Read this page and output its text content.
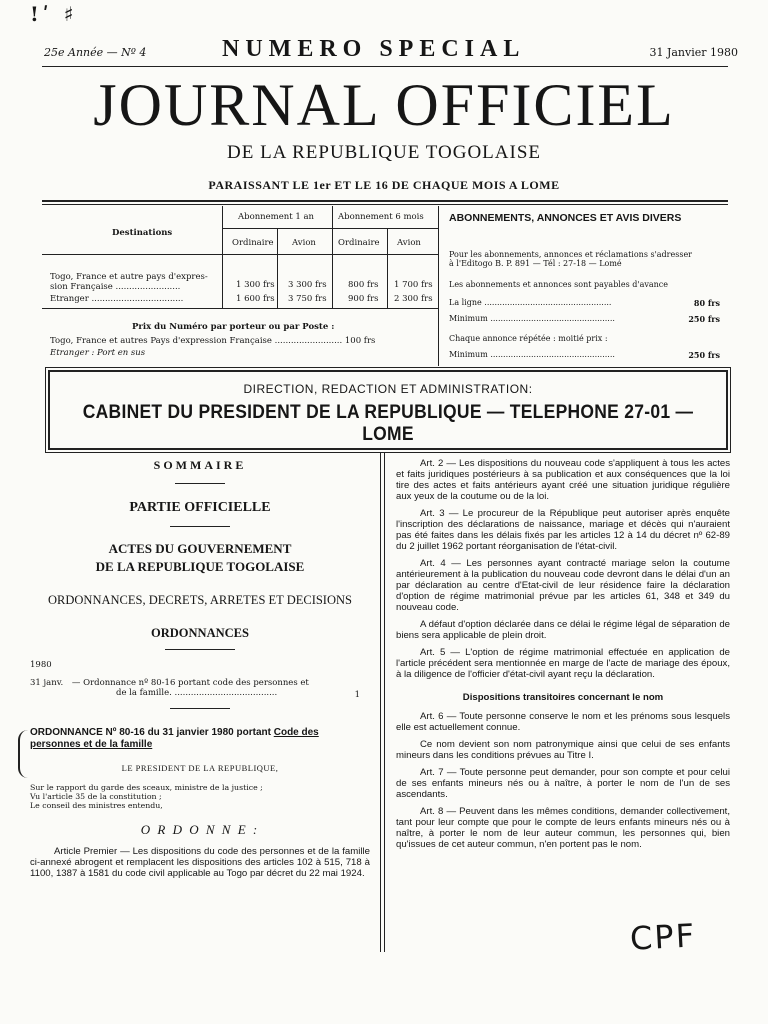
!ʹ ♯
25e Année — Nº 4	NUMERO SPECIAL	31 Janvier 1980
JOURNAL OFFICIEL
DE LA REPUBLIQUE TOGOLAISE
PARAISSANT LE 1er ET LE 16 DE CHAQUE MOIS A LOME
Destinations
Abonnement 1 an	Abonnement 6 mois
Ordinaire Avion	Ordinaire Avion
Togo, France et autre pays d'expres-
sion Française ........................	1 300 frs 3 300 frs	800 frs 1 700 frs
Etranger ..................................	1 600 frs 3 750 frs	900 frs 2 300 frs
Prix du Numéro par porteur ou par Poste :
Togo, France et autres Pays d'expression Française ......................... 100 frs
Etranger : Port en sus
ABONNEMENTS, ANNONCES ET AVIS DIVERS
Pour les abonnements, annonces et réclamations s'adresser
à l'Editogo B. P. 891 — Tél : 27-18 — Lomé
Les abonnements et annonces sont payables d'avance
La ligne ..................................................	80 frs
Minimum .................................................	250 frs
Chaque annonce répétée : moitié prix :
Minimum .................................................	250 frs
DIRECTION, REDACTION ET ADMINISTRATION:
CABINET DU PRESIDENT DE LA REPUBLIQUE — TELEPHONE 27-01 — LOME
SOMMAIRE
PARTIE OFFICIELLE
ACTES DU GOUVERNEMENT
DE LA REPUBLIQUE TOGOLAISE
ORDONNANCES, DECRETS, ARRETES ET DECISIONS
ORDONNANCES
1980
31 janv. — Ordonnance nº 80-16 portant code des personnes et
de la famille. ......................................	1
ORDONNANCE Nº 80-16 du 31 janvier 1980 portant Code des personnes et de la famille
LE PRESIDENT DE LA REPUBLIQUE,
Sur le rapport du garde des sceaux, ministre de la justice ;
Vu l'article 35 de la constitution ;
Le conseil des ministres entendu,
O R D O N N E :
Article Premier — Les dispositions du code des personnes et de la famille ci-annexé abrogent et remplacent les dispositions des articles 102 à 515, 718 à 1100, 1387 à 1581 du code civil applicable au Togo par décret du 22 mai 1924.

Art. 2 — Les dispositions du nouveau code s'appliquent à tous les actes et faits juridiques postérieurs à sa publication et aux conséquences que la loi tire des actes et faits antérieurs ayant créé une situation juridique régulière aux yeux de la coutume ou de la loi.

Art. 3 — Le procureur de la République peut autoriser après enquête l'inscription des déclarations de naissance, mariage et décès qui n'auraient pas été faites dans les délais fixés par les articles 12 à 14 du décret nº 62-89 du 2 juillet 1962 portant réorganisation de l'état-civil.

Art. 4 — Les personnes ayant contracté mariage selon la coutume antérieurement à la publication du nouveau code devront dans le délai d'un an par déclaration au centre d'Etat-civil de leur résidence faire la déclaration d'option de régime matrimonial prévue par les articles 61, 348 et 349 du nouveau code.

A défaut d'option déclarée dans ce délai le régime légal de séparation de biens sera applicable de plein droit.

Art. 5 — L'option de régime matrimonial effectuée en application de l'article précédent sera mentionnée en marge de l'acte de mariage des époux, à la diligence de l'officier d'état-civil ayant reçu la déclaration.

Dispositions transitoires concernant le nom

Art. 6 — Toute personne conserve le nom et les prénoms sous lesquels elle est actuellement connue.

Ce nom devient son nom patronymique ainsi que celui de ses enfants mineurs dans les conditions prévues au Titre I.

Art. 7 — Toute personne peut demander, pour son compte et pour celui de ses enfants mineurs nés ou à naître, à porter le nom de l'un de ses ascendants.

Art. 8 — Peuvent dans les mêmes conditions, demander collectivement, tant pour leur compte que pour le compte de leurs enfants mineurs nés ou à naître, à porter le nom de leur auteur commun, les personnes qui, bien qu'issues de cet auteur commun, n'en portent pas le nom.

CPF
